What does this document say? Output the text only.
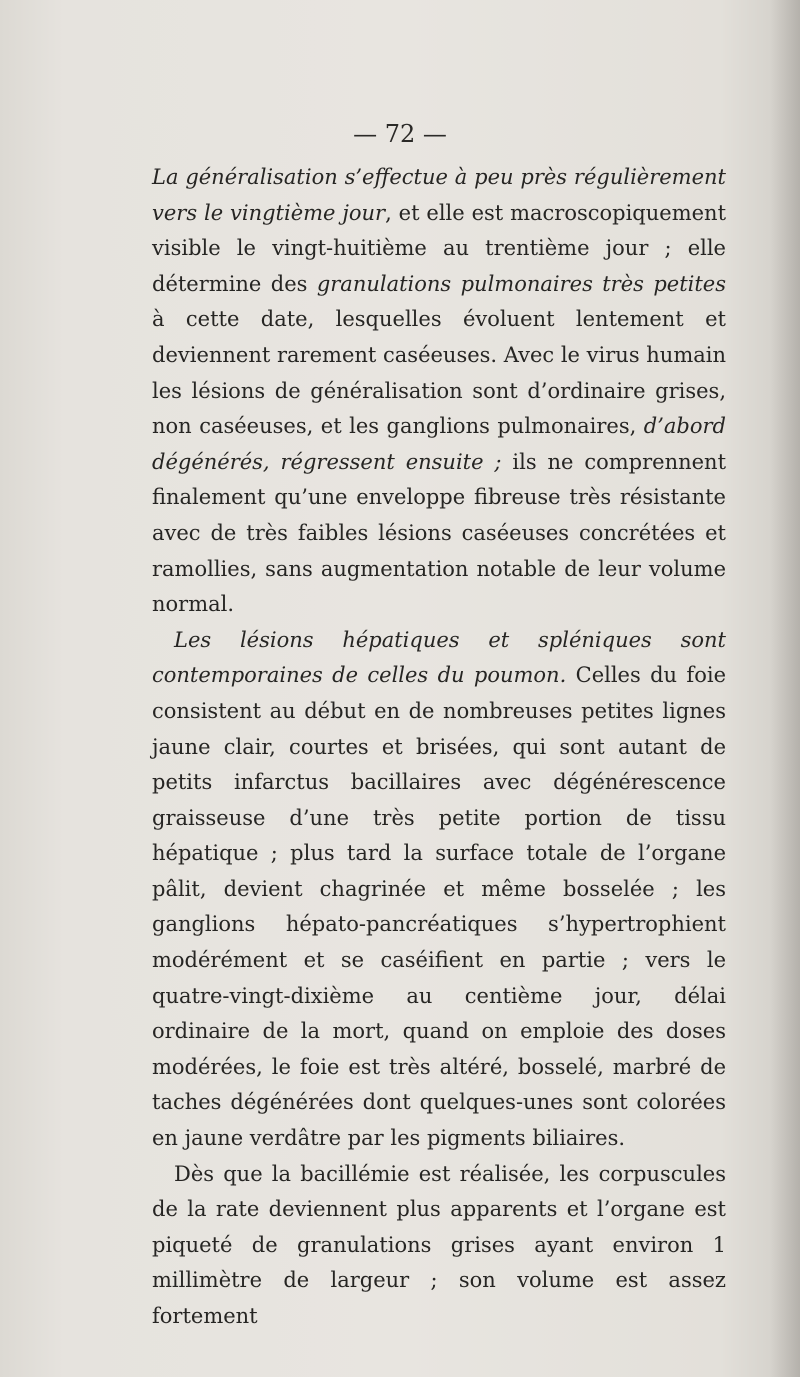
— 72 —

La généralisation s’effectue à peu près régulièrement vers le vingtième jour, et elle est macroscopiquement visible le vingt-huitième au trentième jour ; elle détermine des granulations pulmonaires très petites à cette date, lesquelles évoluent lentement et deviennent rarement caséeuses. Avec le virus humain les lésions de généralisation sont d’ordinaire grises, non caséeuses, et les ganglions pulmonaires, d’abord dégénérés, régressent ensuite ; ils ne comprennent finalement qu’une enveloppe fibreuse très résistante avec de très faibles lésions caséeuses concrétées et ramollies, sans augmentation notable de leur volume normal.

Les lésions hépatiques et spléniques sont contemporaines de celles du poumon. Celles du foie consistent au début en de nombreuses petites lignes jaune clair, courtes et brisées, qui sont autant de petits infarctus bacillaires avec dégénérescence graisseuse d’une très petite portion de tissu hépatique ; plus tard la surface totale de l’organe pâlit, devient chagrinée et même bosselée ; les ganglions hépato-pancréatiques s’hypertrophient modérément et se caséifient en partie ; vers le quatre-vingt-dixième au centième jour, délai ordinaire de la mort, quand on emploie des doses modérées, le foie est très altéré, bosselé, marbré de taches dégénérées dont quelques-unes sont colorées en jaune verdâtre par les pigments biliaires.

Dès que la bacillémie est réalisée, les corpuscules de la rate deviennent plus apparents et l’organe est piqueté de granulations grises ayant environ 1 millimètre de largeur ; son volume est assez fortement
